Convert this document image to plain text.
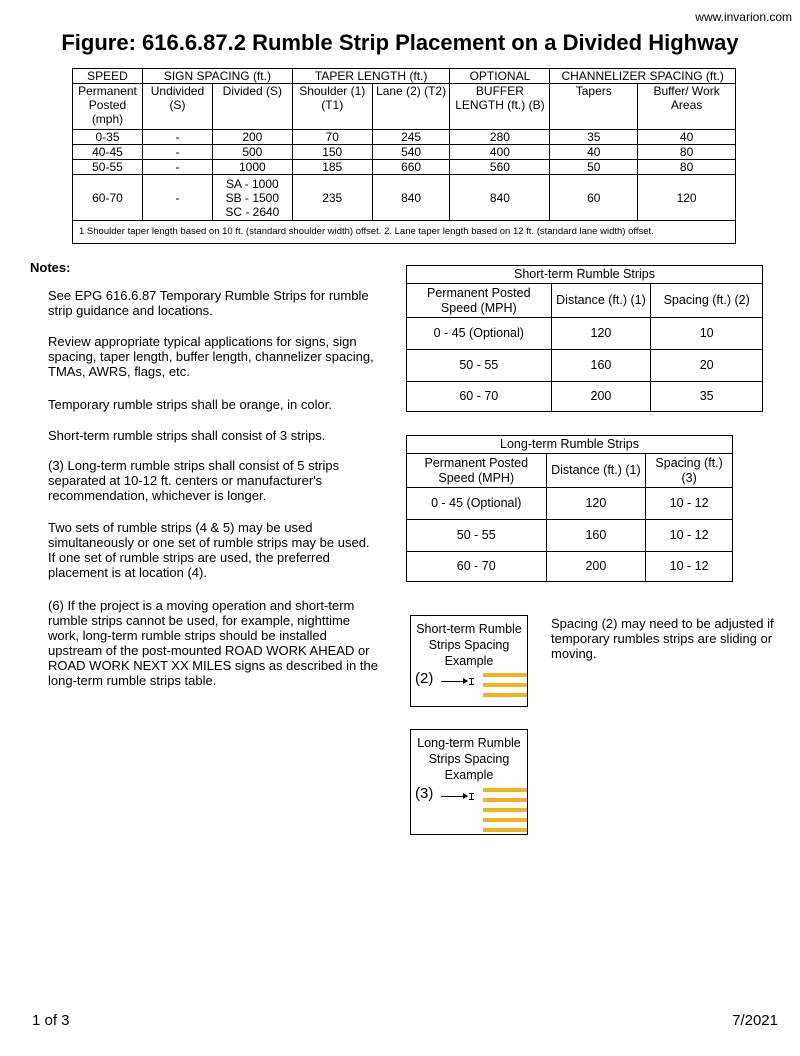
www.invarion.com
Figure: 616.6.87.2 Rumble Strip Placement on a Divided Highway
SPEED	SIGN SPACING (ft.)		TAPER LENGTH (ft.)		OPTIONAL	CHANNELIZER SPACING (ft.)	
Permanent Posted (mph)	Undivided (S)	Divided (S)	Shoulder (1) (T1)	Lane (2) (T2)	BUFFER LENGTH (ft.) (B)	Tapers	Buffer/ Work Areas
0-35	-	200	70	245	280	35	40
40-45	-	500	150	540	400	40	80
50-55	-	1000	185	660	560	50	80
60-70	-	SA - 1000
SB - 1500
SC - 2640	235	840	840	60	120
1 Shoulder taper length based on 10 ft. (standard shoulder width) offset. 2. Lane taper length based on 12 ft. (standard lane width) offset.							
Notes:
See EPG 616.6.87 Temporary Rumble Strips for rumble strip guidance and locations.
Review appropriate typical applications for signs, sign spacing, taper length, buffer length, channelizer spacing, TMAs, AWRS, flags, etc.
Temporary rumble strips shall be orange, in color.
Short-term rumble strips shall consist of 3 strips.
(3) Long-term rumble strips shall consist of 5 strips separated at 10-12 ft. centers or manufacturer's recommendation, whichever is longer.
Two sets of rumble strips (4 & 5) may be used simultaneously or one set of rumble strips may be used. If one set of rumble strips are used, the preferred placement is at location (4).
(6) If the project is a moving operation and short-term rumble strips cannot be used, for example, nighttime work, long-term rumble strips should be installed upstream of the post-mounted ROAD WORK AHEAD or ROAD WORK NEXT XX MILES signs as described in the long-term rumble strips table.
Short-term Rumble Strips		
Permanent Posted Speed (MPH)	Distance (ft.) (1)	Spacing (ft.) (2)
0 - 45 (Optional)	120	10
50 - 55	160	20
60 - 70	200	35
Long-term Rumble Strips		
Permanent Posted Speed (MPH)	Distance (ft.) (1)	Spacing (ft.) (3)
0 - 45 (Optional)	120	10 - 12
50 - 55	160	10 - 12
60 - 70	200	10 - 12
Short-term Rumble Strips Spacing Example
(2)
Spacing (2) may need to be adjusted if temporary rumbles strips are sliding or moving.
Long-term Rumble Strips Spacing Example
(3)
1 of 3	7/2021
